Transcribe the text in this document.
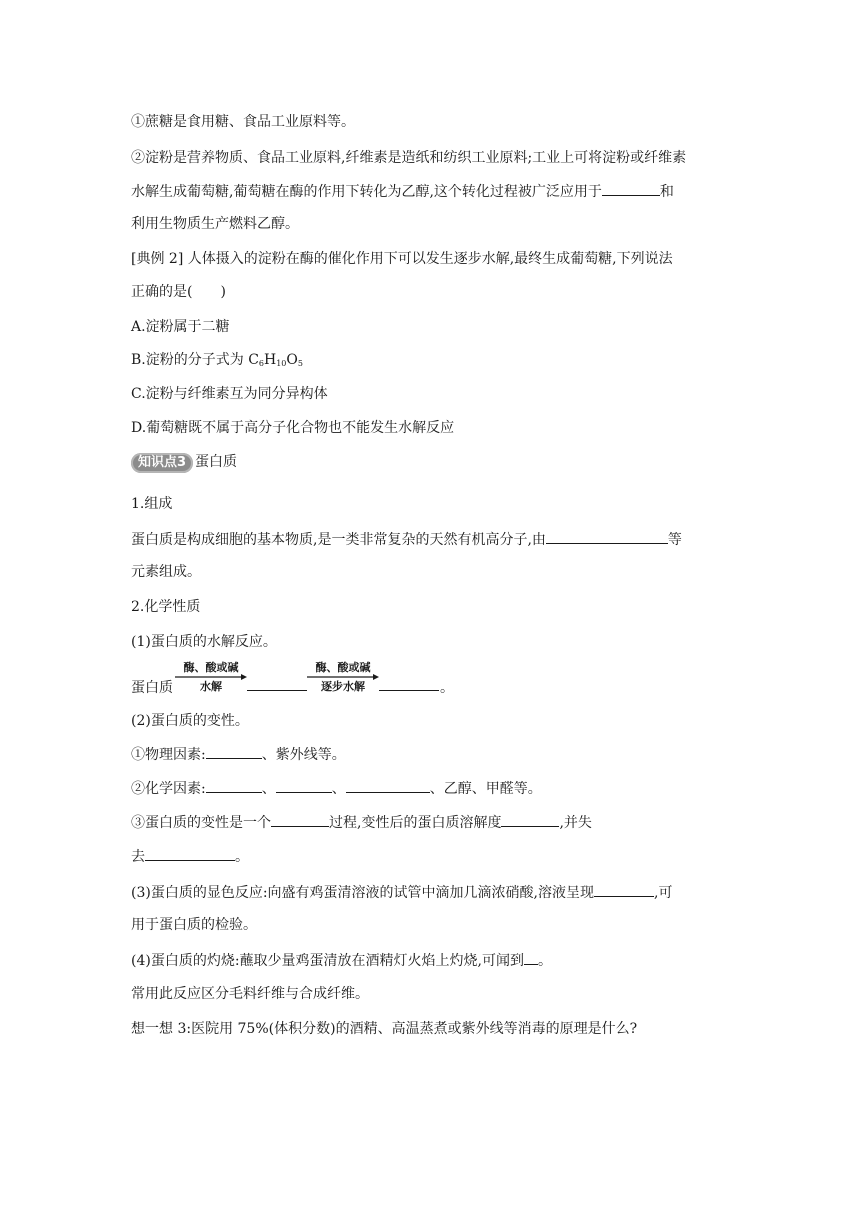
①蔗糖是食用糖、食品工业原料等。
②淀粉是营养物质、食品工业原料,纤维素是造纸和纺织工业原料;工业上可将淀粉或纤维素
水解生成葡萄糖,葡萄糖在酶的作用下转化为乙醇,这个转化过程被广泛应用于	和
利用生物质生产燃料乙醇。
[典例 2] 人体摄入的淀粉在酶的催化作用下可以发生逐步水解,最终生成葡萄糖,下列说法
正确的是(　　)
A.淀粉属于二糖
B.淀粉的分子式为 $C_6H_{10}O_5$
C.淀粉与纤维素互为同分异构体
D.葡萄糖既不属于高分子化合物也不能发生水解反应
知识点3 蛋白质
1.组成
蛋白质是构成细胞的基本物质,是一类非常复杂的天然有机高分子,由	等
元素组成。
2.化学性质
(1)蛋白质的水解反应。
蛋白质
酶、酸或碱
水解
酶、酸或碱
逐步水解	。
(2)蛋白质的变性。
①物理因素:	、紫外线等。
②化学因素:	、	、	、乙醇、甲醛等。
③蛋白质的变性是一个	过程,变性后的蛋白质溶解度	,并失
去	。
(3)蛋白质的显色反应:向盛有鸡蛋清溶液的试管中滴加几滴浓硝酸,溶液呈现	,可
用于蛋白质的检验。
(4)蛋白质的灼烧:蘸取少量鸡蛋清放在酒精灯火焰上灼烧,可闻到 。
常用此反应区分毛料纤维与合成纤维。
想一想 3:医院用 75%(体积分数)的酒精、高温蒸煮或紫外线等消毒的原理是什么?
